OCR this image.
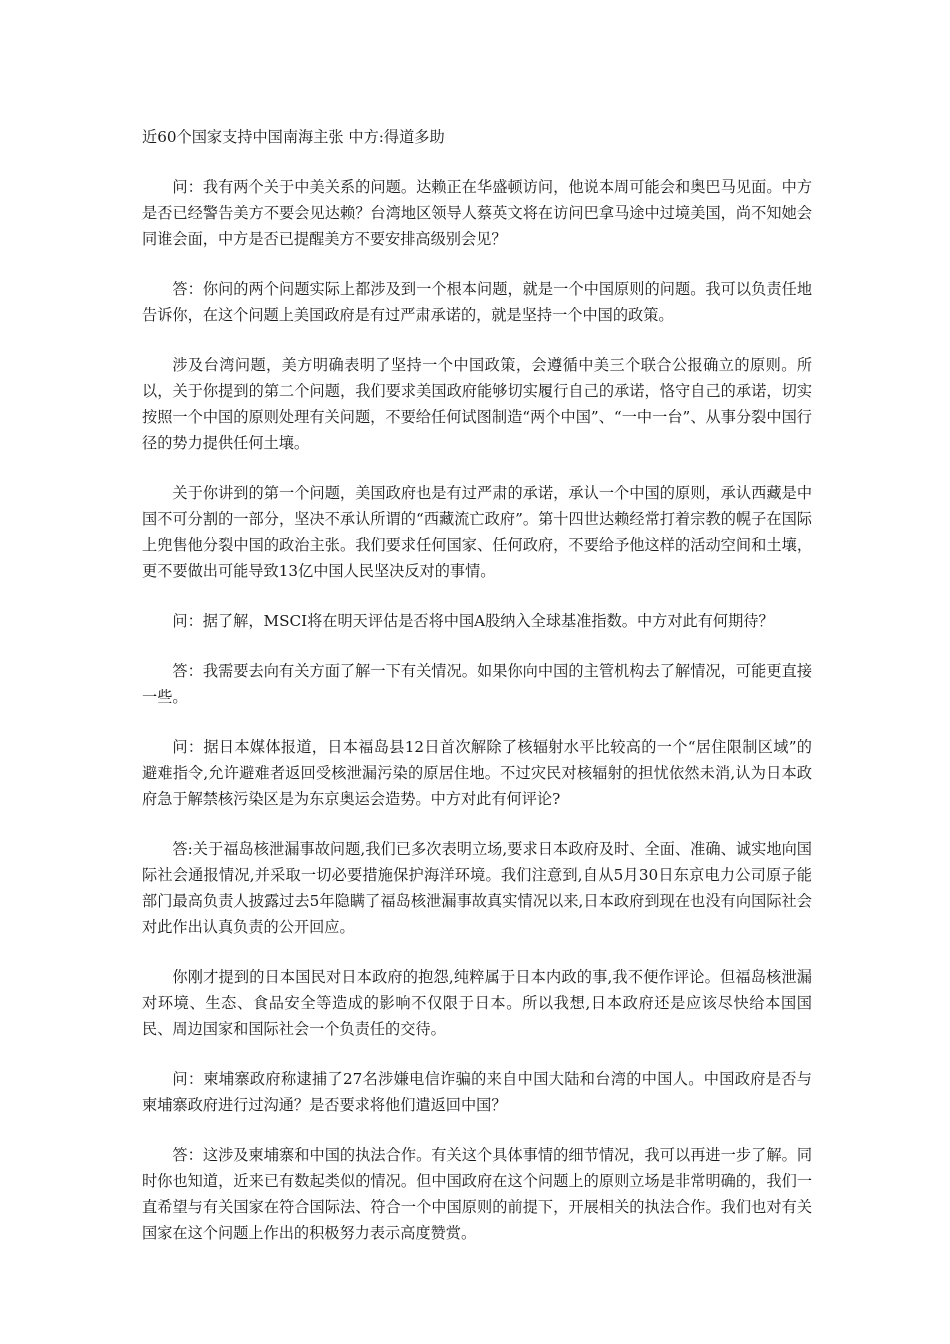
近60个国家支持中国南海主张 中方:得道多助

问：我有两个关于中美关系的问题。达赖正在华盛顿访问，他说本周可能会和奥巴马见面。中方是否已经警告美方不要会见达赖？台湾地区领导人蔡英文将在访问巴拿马途中过境美国，尚不知她会同谁会面，中方是否已提醒美方不要安排高级别会见？

答：你问的两个问题实际上都涉及到一个根本问题，就是一个中国原则的问题。我可以负责任地告诉你，在这个问题上美国政府是有过严肃承诺的，就是坚持一个中国的政策。

涉及台湾问题，美方明确表明了坚持一个中国政策，会遵循中美三个联合公报确立的原则。所以，关于你提到的第二个问题，我们要求美国政府能够切实履行自己的承诺，恪守自己的承诺，切实按照一个中国的原则处理有关问题，不要给任何试图制造“两个中国”、“一中一台”、从事分裂中国行径的势力提供任何土壤。

关于你讲到的第一个问题，美国政府也是有过严肃的承诺，承认一个中国的原则，承认西藏是中国不可分割的一部分，坚决不承认所谓的“西藏流亡政府”。第十四世达赖经常打着宗教的幌子在国际上兜售他分裂中国的政治主张。我们要求任何国家、任何政府，不要给予他这样的活动空间和土壤，更不要做出可能导致13亿中国人民坚决反对的事情。

问：据了解，MSCI将在明天评估是否将中国A股纳入全球基准指数。中方对此有何期待？

答：我需要去向有关方面了解一下有关情况。如果你向中国的主管机构去了解情况，可能更直接一些。

问：据日本媒体报道，日本福岛县12日首次解除了核辐射水平比较高的一个“居住限制区域”的避难指令,允许避难者返回受核泄漏污染的原居住地。不过灾民对核辐射的担忧依然未消,认为日本政府急于解禁核污染区是为东京奥运会造势。中方对此有何评论?

答:关于福岛核泄漏事故问题,我们已多次表明立场,要求日本政府及时、全面、准确、诚实地向国际社会通报情况,并采取一切必要措施保护海洋环境。我们注意到,自从5月30日东京电力公司原子能部门最高负责人披露过去5年隐瞒了福岛核泄漏事故真实情况以来,日本政府到现在也没有向国际社会对此作出认真负责的公开回应。

你刚才提到的日本国民对日本政府的抱怨,纯粹属于日本内政的事,我不便作评论。但福岛核泄漏对环境、生态、食品安全等造成的影响不仅限于日本。所以我想,日本政府还是应该尽快给本国国民、周边国家和国际社会一个负责任的交待。

问：柬埔寨政府称逮捕了27名涉嫌电信诈骗的来自中国大陆和台湾的中国人。中国政府是否与柬埔寨政府进行过沟通？是否要求将他们遣返回中国？

答：这涉及柬埔寨和中国的执法合作。有关这个具体事情的细节情况，我可以再进一步了解。同时你也知道，近来已有数起类似的情况。但中国政府在这个问题上的原则立场是非常明确的，我们一直希望与有关国家在符合国际法、符合一个中国原则的前提下，开展相关的执法合作。我们也对有关国家在这个问题上作出的积极努力表示高度赞赏。
